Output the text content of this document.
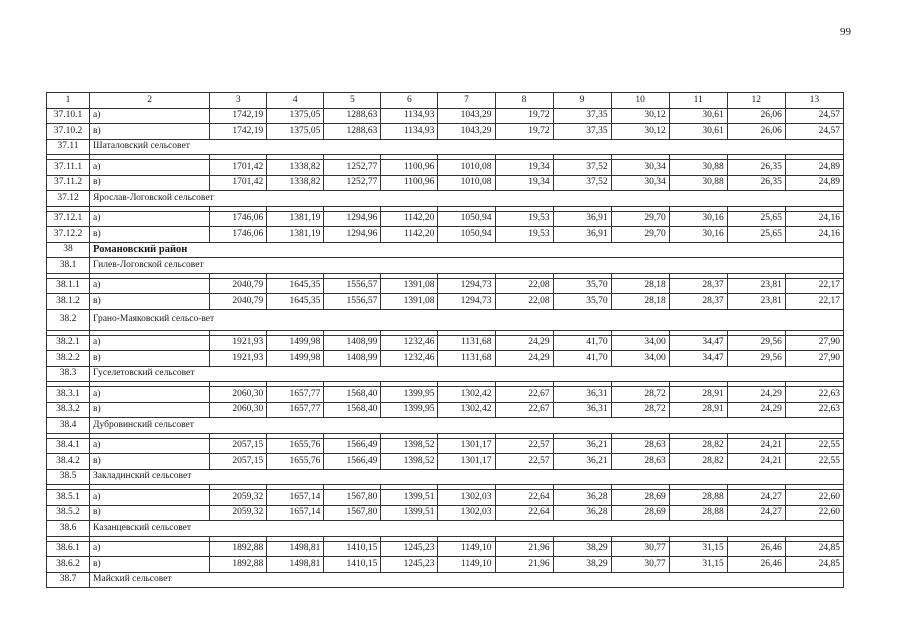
99
1	2	3	4	5	6	7	8	9	10	11	12	13
37.10.1	а)	1742,19	1375,05	1288,63	1134,93	1043,29	19,72	37,35	30,12	30,61	26,06	24,57
37.10.2	в)	1742,19	1375,05	1288,63	1134,93	1043,29	19,72	37,35	30,12	30,61	26,06	24,57
37.11	Шаталовский сельсовет											

37.11.1	а)	1701,42	1338,82	1252,77	1100,96	1010,08	19,34	37,52	30,34	30,88	26,35	24,89
37.11.2	в)	1701,42	1338,82	1252,77	1100,96	1010,08	19,34	37,52	30,34	30,88	26,35	24,89
37.12	Ярослав-Логовской сельсовет											

37.12.1	а)	1746,06	1381,19	1294,96	1142,20	1050,94	19,53	36,91	29,70	30,16	25,65	24,16
37.12.2	в)	1746,06	1381,19	1294,96	1142,20	1050,94	19,53	36,91	29,70	30,16	25,65	24,16
38	Романовский район											
38.1	Гилев-Логовской сельсовет											

38.1.1	а)	2040,79	1645,35	1556,57	1391,08	1294,73	22,08	35,70	28,18	28,37	23,81	22,17
38.1.2	в)	2040,79	1645,35	1556,57	1391,08	1294,73	22,08	35,70	28,18	28,37	23,81	22,17
38.2	Грано-Маяковский сельсо-вет											

38.2.1	а)	1921,93	1499,98	1408,99	1232,46	1131,68	24,29	41,70	34,00	34,47	29,56	27,90
38.2.2	в)	1921,93	1499,98	1408,99	1232,46	1131,68	24,29	41,70	34,00	34,47	29,56	27,90
38.3	Гуселетовский сельсовет											

38.3.1	а)	2060,30	1657,77	1568,40	1399,95	1302,42	22,67	36,31	28,72	28,91	24,29	22,63
38.3.2	в)	2060,30	1657,77	1568,40	1399,95	1302,42	22,67	36,31	28,72	28,91	24,29	22,63
38.4	Дубровинский сельсовет											

38.4.1	а)	2057,15	1655,76	1566,49	1398,52	1301,17	22,57	36,21	28,63	28,82	24,21	22,55
38.4.2	в)	2057,15	1655,76	1566,49	1398,52	1301,17	22,57	36,21	28,63	28,82	24,21	22,55
38.5	Закладинский сельсовет											

38.5.1	а)	2059,32	1657,14	1567,80	1399,51	1302,03	22,64	36,28	28,69	28,88	24,27	22,60
38.5.2	в)	2059,32	1657,14	1567,80	1399,51	1302,03	22,64	36,28	28,69	28,88	24,27	22,60
38.6	Казанцевский сельсовет											

38.6.1	а)	1892,88	1498,81	1410,15	1245,23	1149,10	21,96	38,29	30,77	31,15	26,46	24,85
38.6.2	в)	1892,88	1498,81	1410,15	1245,23	1149,10	21,96	38,29	30,77	31,15	26,46	24,85
38.7	Майский сельсовет											
